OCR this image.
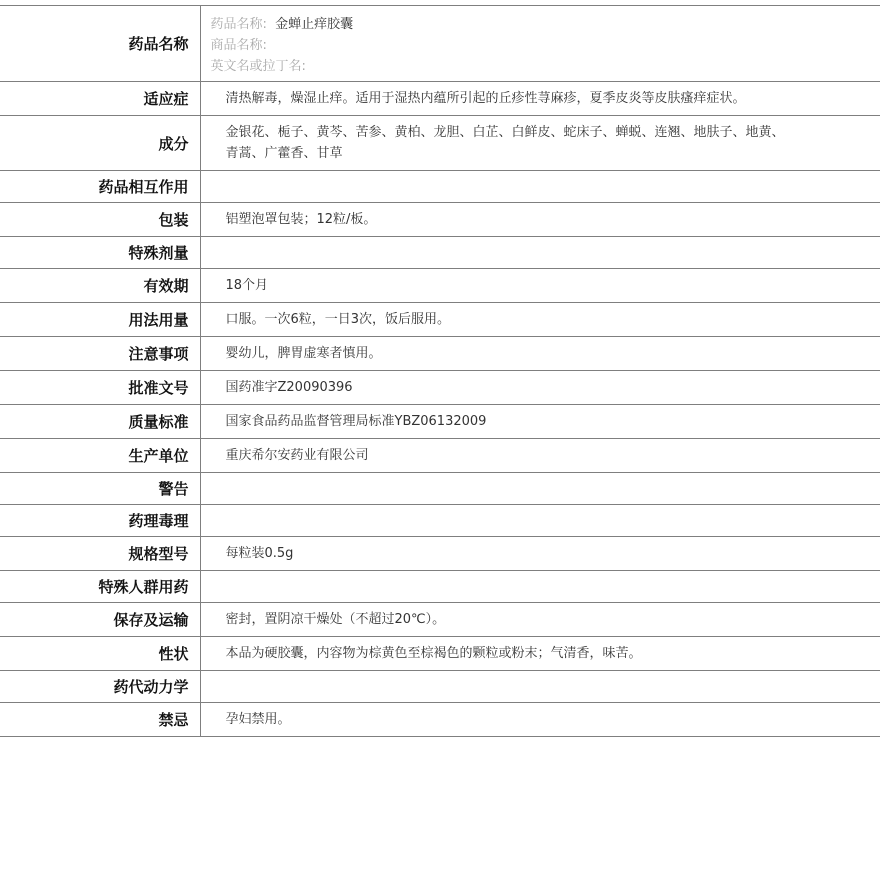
药品名称	药品名称: 金蝉止痒胶囊
商品名称:
英文名或拉丁名:

适应症	清热解毒，燥湿止痒。适用于湿热内蕴所引起的丘疹性荨麻疹，夏季皮炎等皮肤瘙痒症状。
成分	金银花、栀子、黄芩、苦参、黄柏、龙胆、白芷、白鲜皮、蛇床子、蝉蜕、连翘、地肤子、地黄、青蒿、广藿香、甘草
药品相互作用	
包装	铝塑泡罩包装；12粒/板。
特殊剂量	
有效期	18个月
用法用量	口服。一次6粒，一日3次，饭后服用。
注意事项	婴幼儿，脾胃虚寒者慎用。
批准文号	国药准字Z20090396
质量标准	国家食品药品监督管理局标准YBZ06132009
生产单位	重庆希尔安药业有限公司
警告	
药理毒理	
规格型号	每粒装0.5g
特殊人群用药	
保存及运输	密封，置阴凉干燥处（不超过20℃）。
性状	本品为硬胶囊，内容物为棕黄色至棕褐色的颗粒或粉末；气清香，味苦。
药代动力学	
禁忌	孕妇禁用。
